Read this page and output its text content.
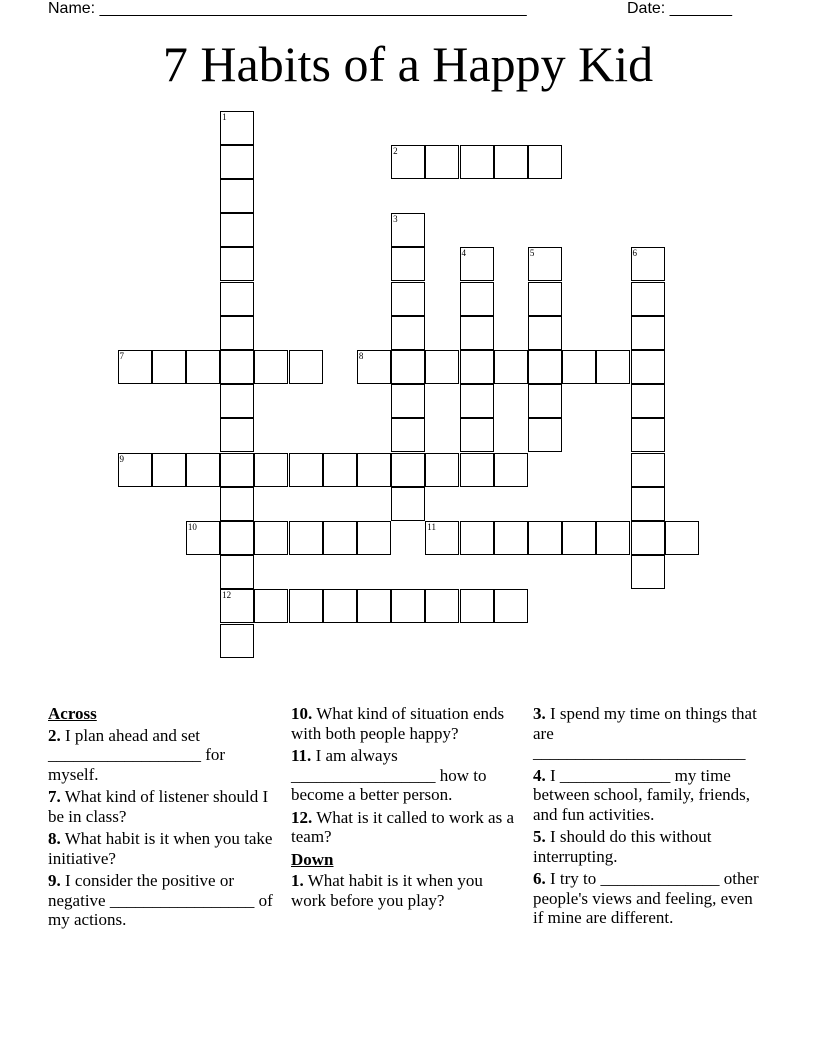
Name: ________________________________________________	Date: _______
7 Habits of a Happy Kid
1
12
2
3
4	5	6
7	8
9
10	11
Across
2. I plan ahead and set __________________ for myself.
7. What kind of listener should I be in class?
8. What habit is it when you take initiative?
9. I consider the positive or negative _________________ of my actions.
10. What kind of situation ends with both people happy?
11. I am always _________________ how to become a better person.
12. What is it called to work as a team?
Down
1. What habit is it when you work before you play?
3. I spend my time on things that are _________________________
4. I _____________ my time between school, family, friends, and fun activities.
5. I should do this without interrupting.
6. I try to ______________ other people's views and feeling, even if mine are different.
